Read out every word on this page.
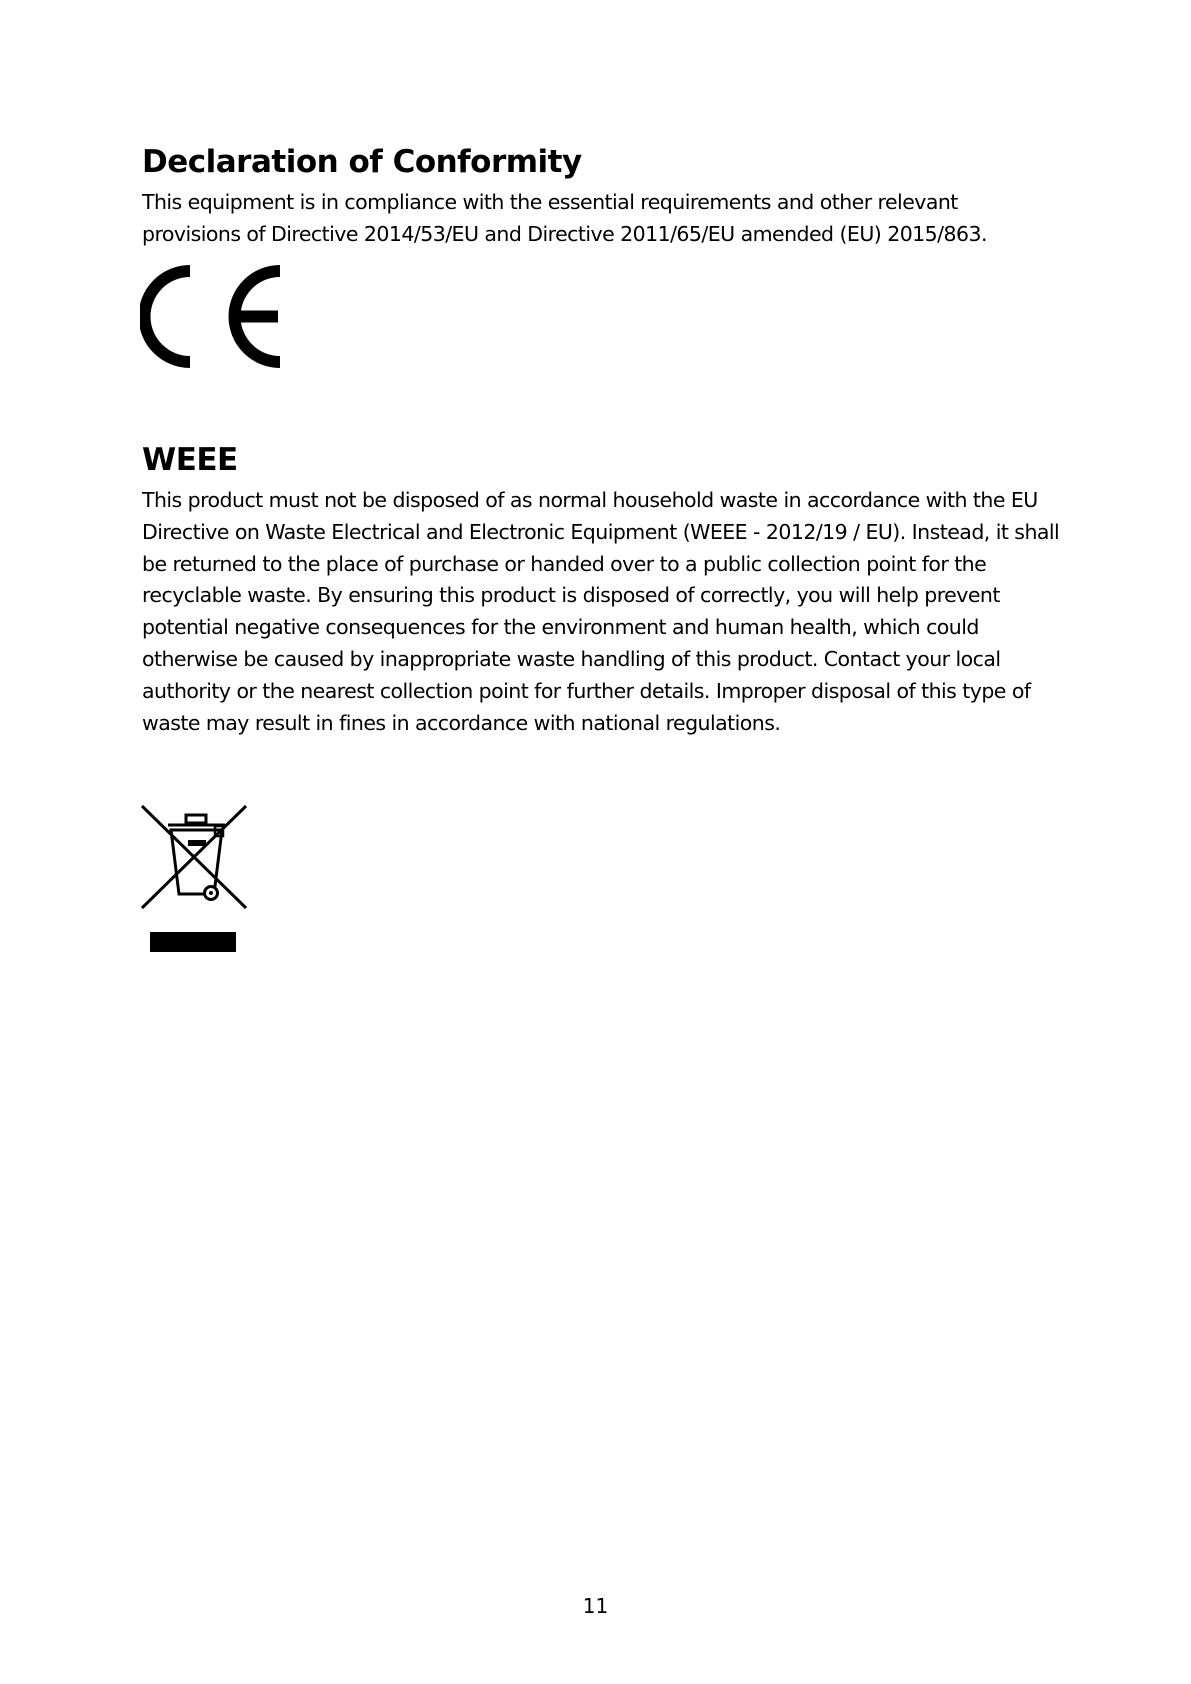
Declaration of Conformity

This equipment is in compliance with the essential requirements and other relevant
provisions of Directive 2014/53/EU and Directive 2011/65/EU amended (EU) 2015/863.

WEEE

This product must not be disposed of as normal household waste in accordance with the EU
Directive on Waste Electrical and Electronic Equipment (WEEE - 2012/19 / EU). Instead, it shall
be returned to the place of purchase or handed over to a public collection point for the
recyclable waste. By ensuring this product is disposed of correctly, you will help prevent
potential negative consequences for the environment and human health, which could
otherwise be caused by inappropriate waste handling of this product. Contact your local
authority or the nearest collection point for further details. Improper disposal of this type of
waste may result in fines in accordance with national regulations.

11
